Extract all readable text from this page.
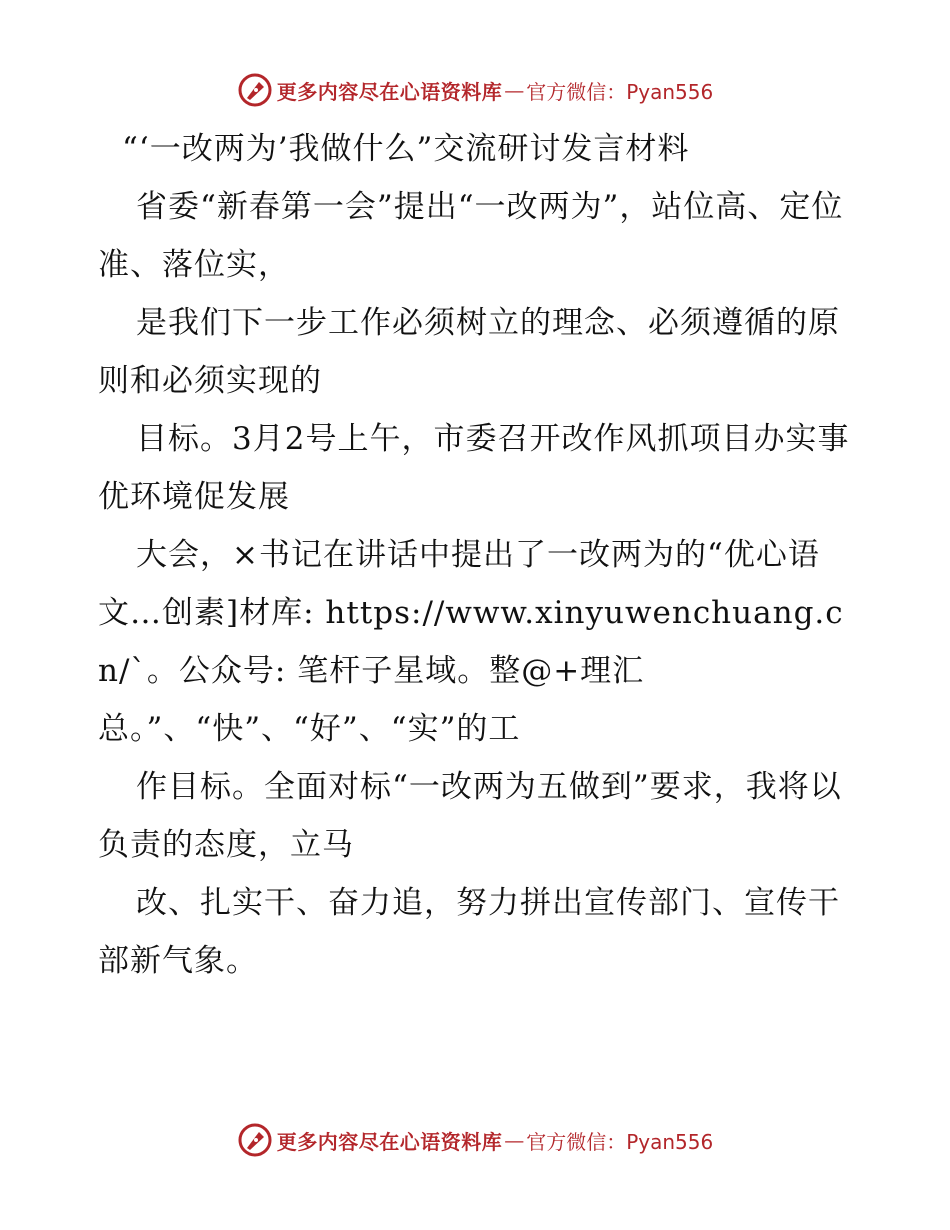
更多内容尽在心语资料库 — 官方微信：Pyan556
“‘一改两为’我做什么”交流研讨发言材料

省委“新春第一会”提出“一改两为”，站位高、定位准、落位实，

是我们下一步工作必须树立的理念、必须遵循的原则和必须实现的

目标。3月2号上午，市委召开改作风抓项目办实事优环境促发展

大会，×书记在讲话中提出了一改两为的“优心语文…创素]材库: https://www.xinyuwenchuang.cn/`。公众号: 笔杆子星域。整@+理汇总。”、“快”、“好”、“实”的工

作目标。全面对标“一改两为五做到”要求，我将以负责的态度，立马

改、扎实干、奋力追，努力拼出宣传部门、宣传干部新气象。

更多内容尽在心语资料库 — 官方微信：Pyan556
